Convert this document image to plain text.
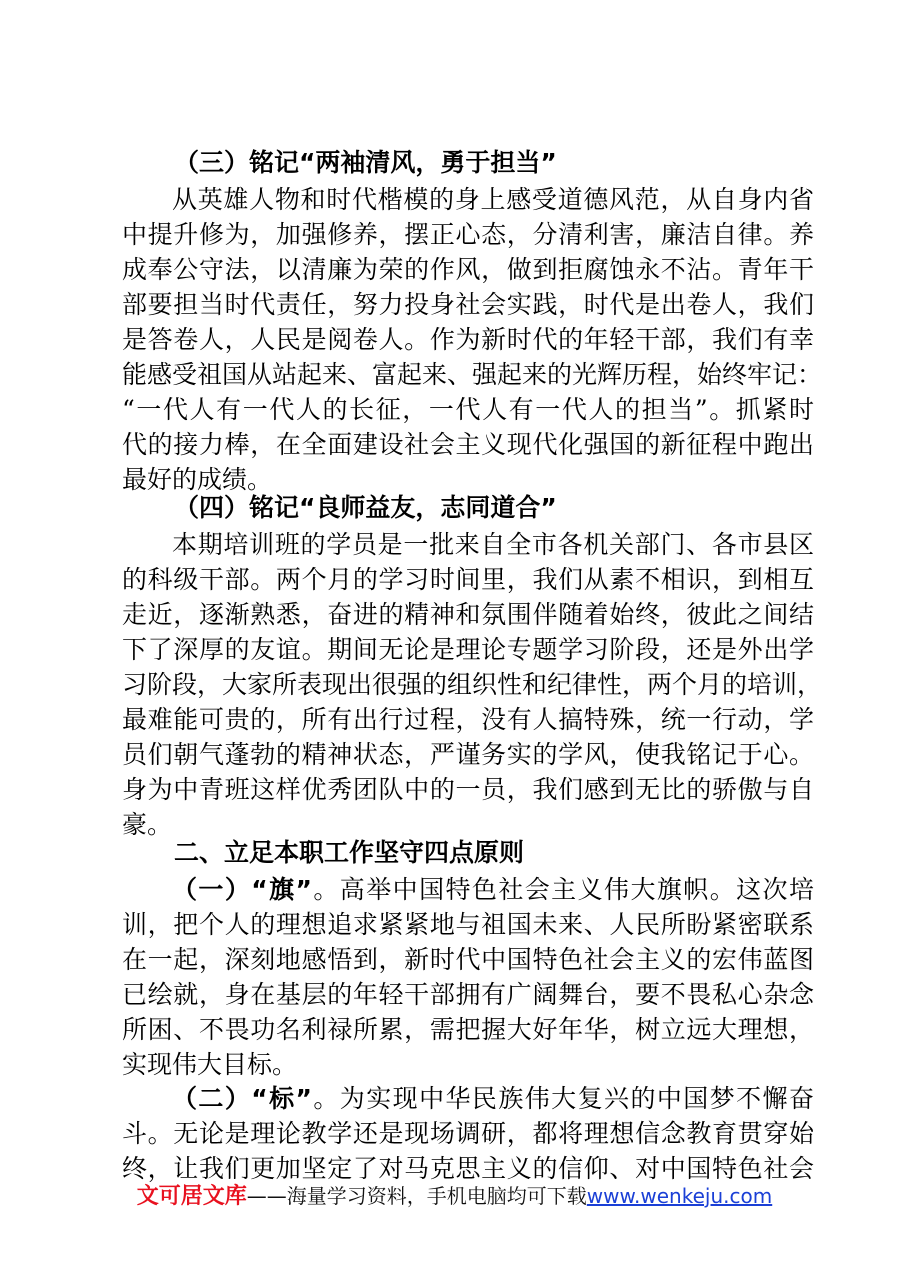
（三）铭记“两袖清风，勇于担当”
从英雄人物和时代楷模的身上感受道德风范，从自身内省
中提升修为，加强修养，摆正心态，分清利害，廉洁自律。养
成奉公守法，以清廉为荣的作风，做到拒腐蚀永不沾。青年干
部要担当时代责任，努力投身社会实践，时代是出卷人，我们
是答卷人，人民是阅卷人。作为新时代的年轻干部，我们有幸
能感受祖国从站起来、富起来、强起来的光辉历程，始终牢记：
“一代人有一代人的长征，一代人有一代人的担当”。抓紧时
代的接力棒，在全面建设社会主义现代化强国的新征程中跑出
最好的成绩。
（四）铭记“良师益友，志同道合”
本期培训班的学员是一批来自全市各机关部门、各市县区
的科级干部。两个月的学习时间里，我们从素不相识，到相互
走近，逐渐熟悉，奋进的精神和氛围伴随着始终，彼此之间结
下了深厚的友谊。期间无论是理论专题学习阶段，还是外出学
习阶段，大家所表现出很强的组织性和纪律性，两个月的培训，
最难能可贵的，所有出行过程，没有人搞特殊，统一行动，学
员们朝气蓬勃的精神状态，严谨务实的学风，使我铭记于心。
身为中青班这样优秀团队中的一员，我们感到无比的骄傲与自
豪。
二、立足本职工作坚守四点原则
（一）“旗”。高举中国特色社会主义伟大旗帜。这次培
训，把个人的理想追求紧紧地与祖国未来、人民所盼紧密联系
在一起，深刻地感悟到，新时代中国特色社会主义的宏伟蓝图
已绘就，身在基层的年轻干部拥有广阔舞台，要不畏私心杂念
所困、不畏功名利禄所累，需把握大好年华，树立远大理想，
实现伟大目标。
（二）“标”。为实现中华民族伟大复兴的中国梦不懈奋
斗。无论是理论教学还是现场调研，都将理想信念教育贯穿始
终，让我们更加坚定了对马克思主义的信仰、对中国特色社会
文可居文库——海量学习资料，手机电脑均可下载www.wenkeju.com
